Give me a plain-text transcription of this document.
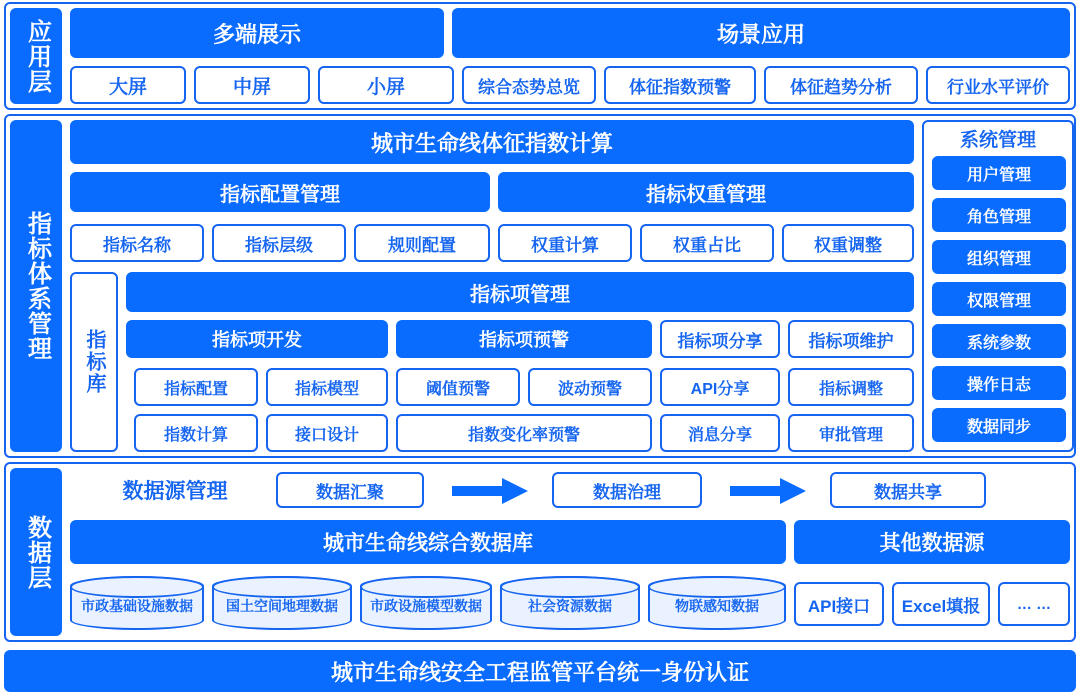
应用层	多端展示	场景应用
大屏	中屏	小屏	综合态势总览	体征指数预警	体征趋势分析	行业水平评价
指标体系管理
城市生命线体征指数计算
指标配置管理	指标权重管理
指标名称	指标层级	规则配置	权重计算	权重占比	权重调整
指标库
指标项管理
指标项开发	指标项预警	指标项分享	指标项维护
指标配置	指标模型	阈值预警	波动预警	API分享	指标调整
指数计算	接口设计	指数变化率预警	消息分享	审批管理
系统管理
用户管理
角色管理
组织管理
权限管理
系统参数
操作日志
数据同步
数据层
数据源管理	数据汇聚	数据治理	数据共享
城市生命线综合数据库	其他数据源
市政基础设施数据 国土空间地理数据 市政设施模型数据	社会资源数据	物联感知数据	API接口	Excel填报	… …
城市生命线安全工程监管平台统一身份认证
